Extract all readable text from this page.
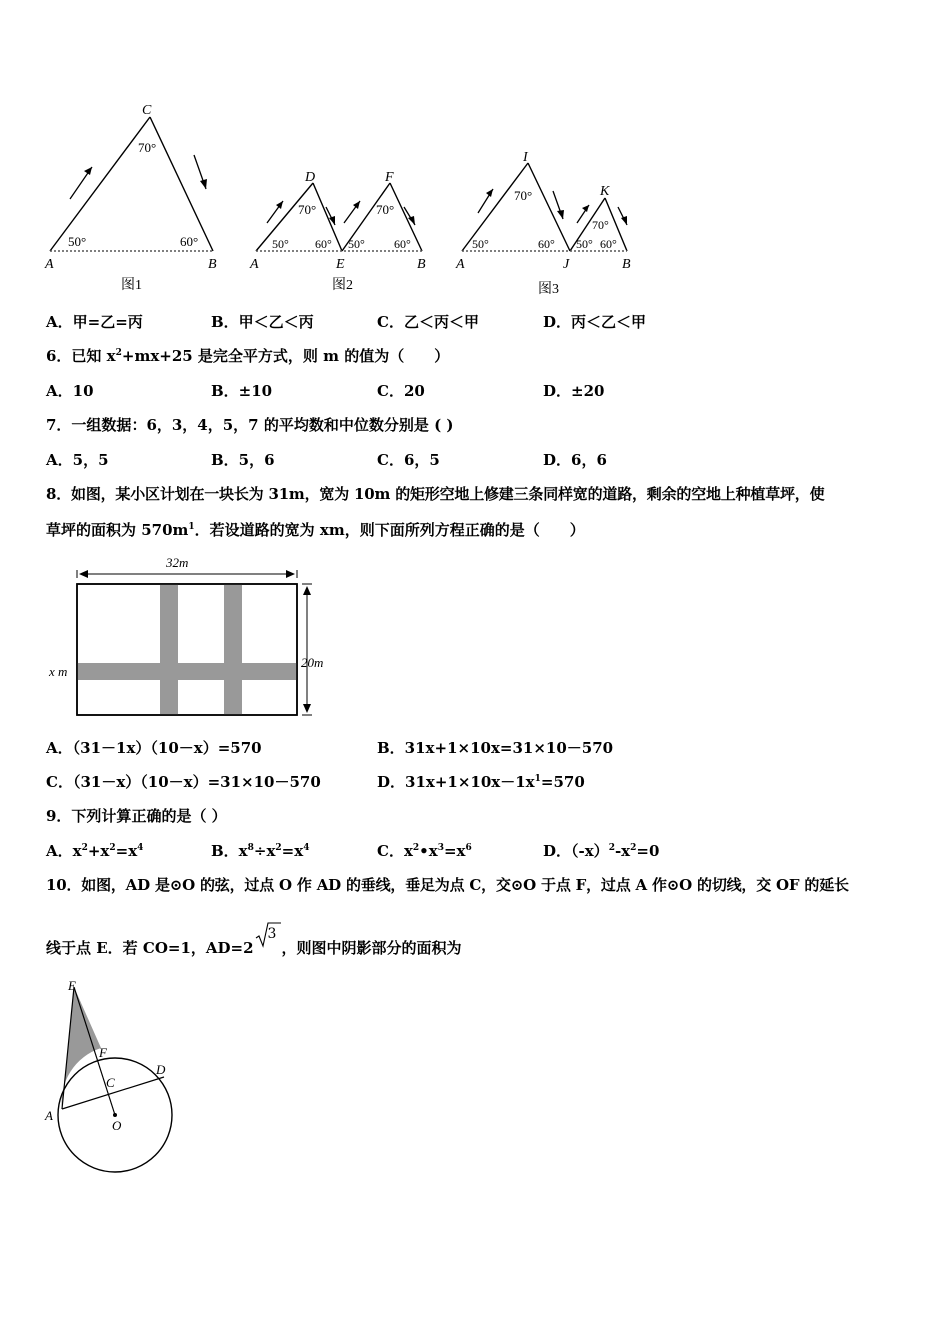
C
70°
50°	60°
A	B
图1
D	F
70°	70°
50° 60° 50° 60°
A	E	B
图2
I
K
70°
70°
50°	60° 50° 60°
A	J	B
图3
A．甲=乙=丙	B．甲＜乙＜丙	C．乙＜丙＜甲	D．丙＜乙＜甲
6．已知 $x^2+mx+25$ 是完全平方式，则 m 的值为（　　）
A．10	B．±10	C．20	D．±20
7．一组数据：6，3，4，5，7 的平均数和中位数分别是 ( )
A．5，5	B．5，6	C．6，5	D．6，6
8．如图，某小区计划在一块长为 31m，宽为 10m 的矩形空地上修建三条同样宽的道路，剩余的空地上种植草坪，使
草坪的面积为 $570m^1$．若设道路的宽为 xm，则下面所列方程正确的是（　　）
32m
20m
x m
A．（31－1x）（10－x）=570	B．31x+1×10x=31×10－570
C．（31－x）（10－x）=31×10－570	D．$31x+1\times 10x-1x^1=570$
9．下列计算正确的是（ ）
A．$x^2+x^2=x^4$	B．$x^8\div x^2=x^4$	C．$x^2•x^3=x^6$	D．$(-x)^2-x^2=0$
10．如图，AD 是⊙O 的弦，过点 O 作 AD 的垂线，垂足为点 C，交⊙O 于点 F，过点 A 作⊙O 的切线，交 OF 的延长
线于点 E．若 CO=1，AD=2
3
，则图中阴影部分的面积为
E
F
C
D
A
O
